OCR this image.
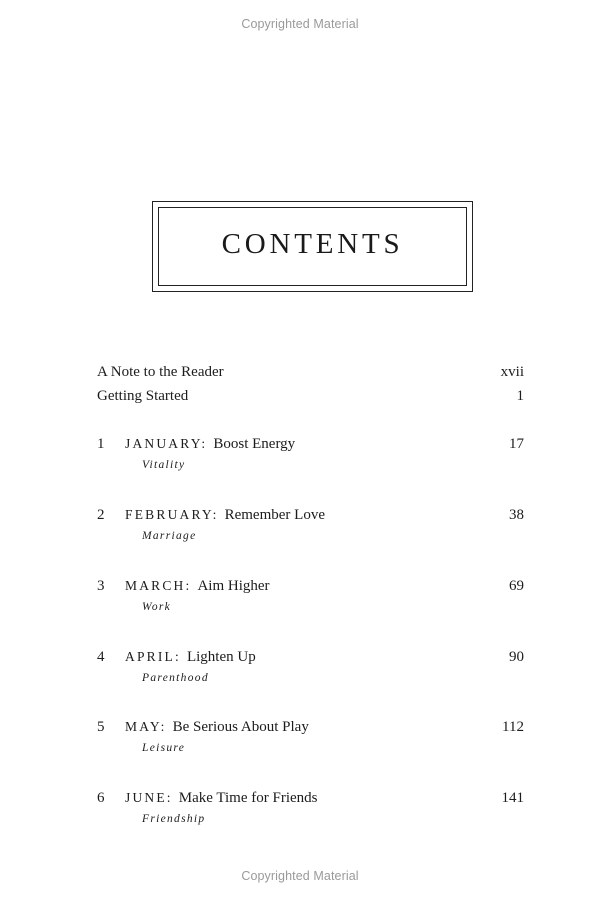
Copyrighted Material
CONTENTS
A Note to the Reader	xvii
Getting Started	1
1 JANUARY: Boost Energy
Vitality
17
2 FEBRUARY: Remember Love
Marriage
38
3 MARCH: Aim Higher
Work
69
4 APRIL: Lighten Up
Parenthood
90
5 MAY: Be Serious About Play
Leisure
112
6 JUNE: Make Time for Friends
Friendship
141
Copyrighted Material
